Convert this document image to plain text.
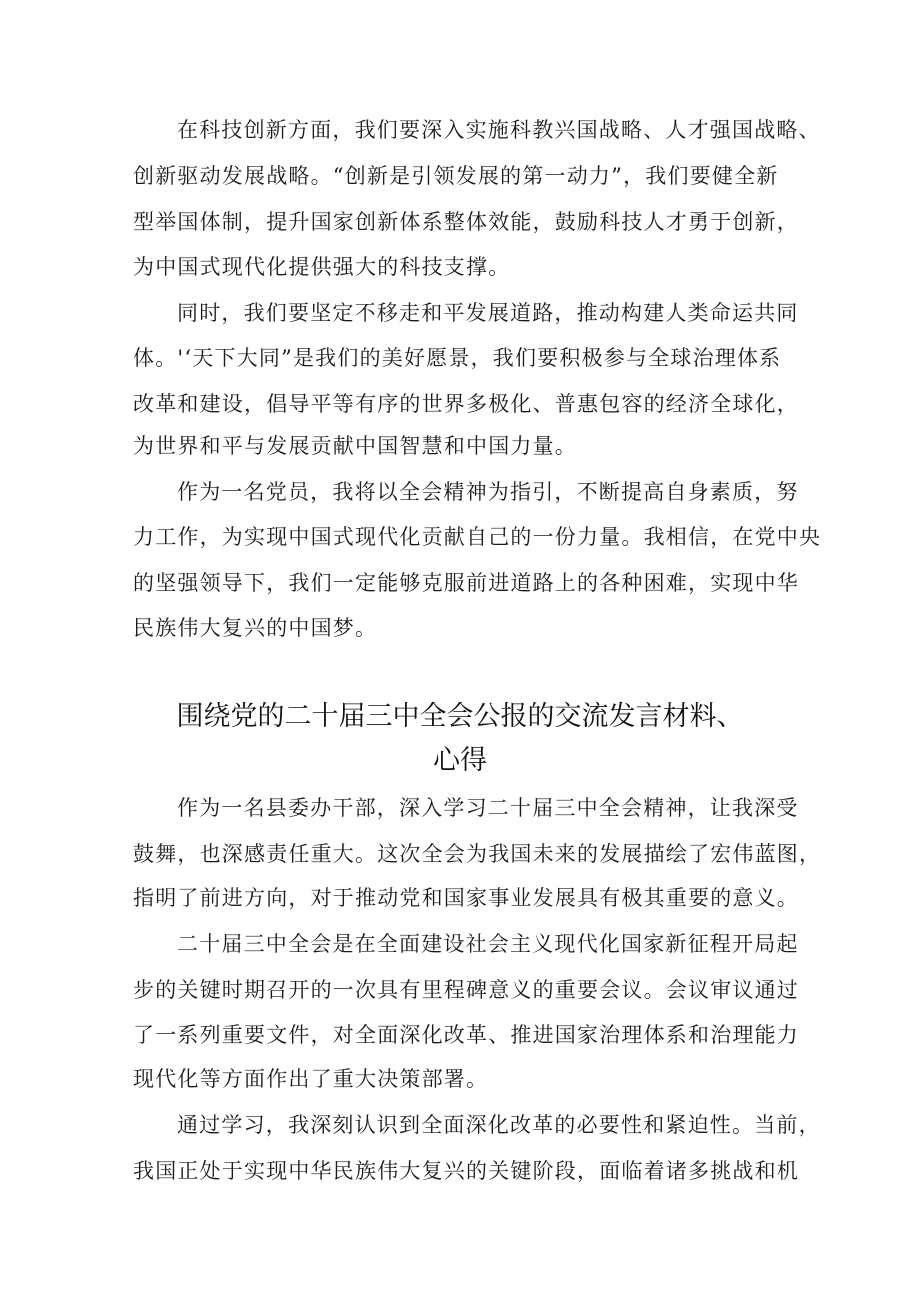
在科技创新方面，我们要深入实施科教兴国战略、人才强国战略、
创新驱动发展战略。“创新是引领发展的第一动力”，我们要健全新
型举国体制，提升国家创新体系整体效能，鼓励科技人才勇于创新，
为中国式现代化提供强大的科技支撑。
同时，我们要坚定不移走和平发展道路，推动构建人类命运共同
体。'‘天下大同”是我们的美好愿景，我们要积极参与全球治理体系
改革和建设，倡导平等有序的世界多极化、普惠包容的经济全球化，
为世界和平与发展贡献中国智慧和中国力量。
作为一名党员，我将以全会精神为指引，不断提高自身素质，努
力工作，为实现中国式现代化贡献自己的一份力量。我相信，在党中央
的坚强领导下，我们一定能够克服前进道路上的各种困难，实现中华
民族伟大复兴的中国梦。
围绕党的二十届三中全会公报的交流发言材料、
心得
作为一名县委办干部，深入学习二十届三中全会精神，让我深受
鼓舞，也深感责任重大。这次全会为我国未来的发展描绘了宏伟蓝图，
指明了前进方向，对于推动党和国家事业发展具有极其重要的意义。
二十届三中全会是在全面建设社会主义现代化国家新征程开局起
步的关键时期召开的一次具有里程碑意义的重要会议。会议审议通过
了一系列重要文件，对全面深化改革、推进国家治理体系和治理能力
现代化等方面作出了重大决策部署。
通过学习，我深刻认识到全面深化改革的必要性和紧迫性。当前，
我国正处于实现中华民族伟大复兴的关键阶段，面临着诸多挑战和机
